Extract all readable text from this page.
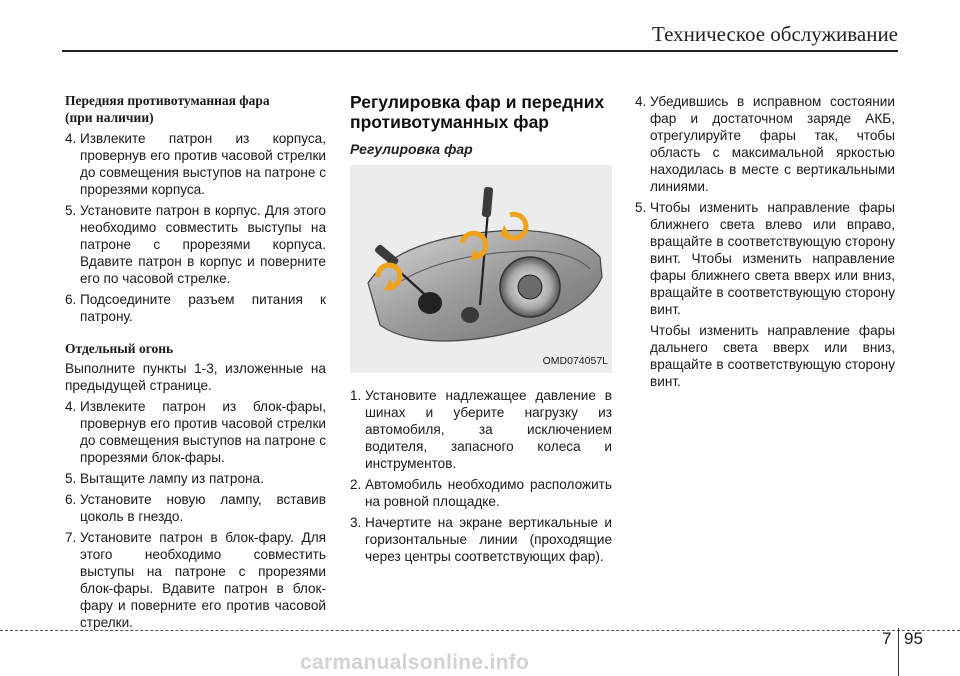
Техническое обслуживание
Передняя противотуманная фара
(при наличии)
4. Извлеките патрон из корпуса, провернув его против часовой стрелки до совмещения выступов на патроне с прорезями корпуса.
5. Установите патрон в корпус. Для этого необходимо совместить выступы на патроне с прорезями корпуса. Вдавите патрон в корпус и поверните его по часовой стрелке.
6. Подсоедините разъем питания к патрону.
Отдельный огонь
Выполните пункты 1-3, изложенные на предыдущей странице.
4. Извлеките патрон из блок-фары, провернув его против часовой стрелки до совмещения выступов на патроне с прорезями блок-фары.
5. Вытащите лампу из патрона.
6. Установите новую лампу, вставив цоколь в гнездо.
7. Установите патрон в блок-фару. Для этого необходимо совместить выступы на патроне с прорезями блок-фары. Вдавите патрон в блок-фару и поверните его против часовой стрелки.
Регулировка фар и передних
противотуманных фар
Регулировка фар
OMD074057L
1. Установите надлежащее давление в шинах и уберите нагрузку из автомобиля, за исключением водителя, запасного колеса и инструментов.
2. Автомобиль необходимо расположить на ровной площадке.
3. Начертите на экране вертикальные и горизонтальные линии (проходящие через центры соответствующих фар).
4. Убедившись в исправном состоянии фар и достаточном заряде АКБ, отрегулируйте фары так, чтобы область с максимальной яркостью находилась в месте с вертикальными линиями.
5. Чтобы изменить направление фары ближнего света влево или вправо, вращайте в соответствующую сторону винт. Чтобы изменить направление фары ближнего света вверх или вниз, вращайте в соответствующую сторону винт.
Чтобы изменить направление фары дальнего света вверх или вниз, вращайте в соответствующую сторону винт.
7 95
carmanualsonline.info
